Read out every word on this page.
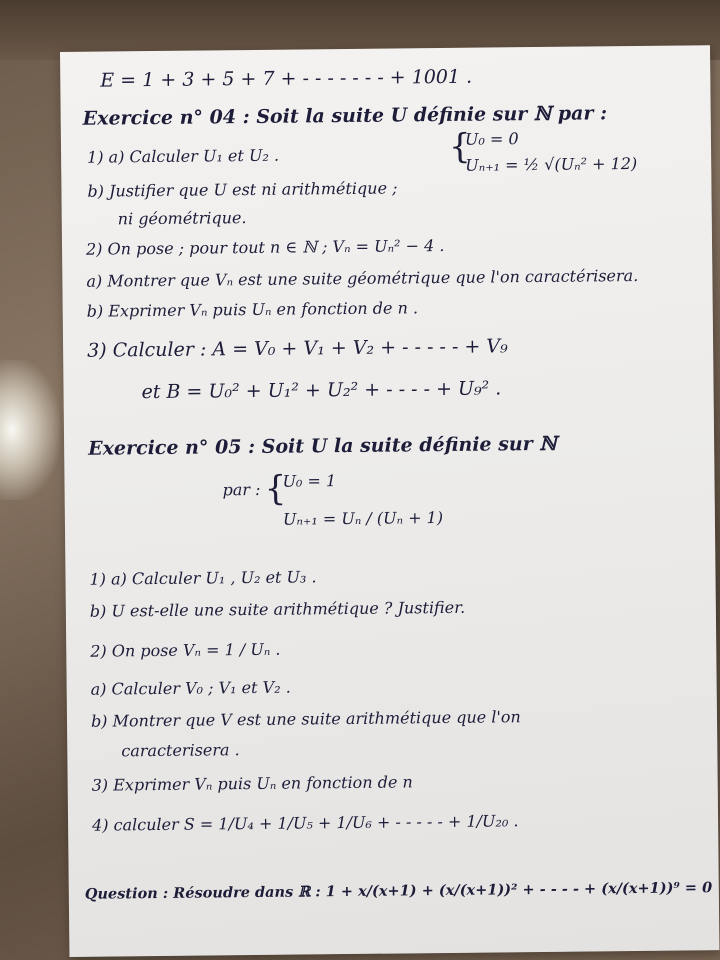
E = 1 + 3 + 5 + 7 + - - - - - - - + 1001 .
Exercice n° 04 : Soit la suite U définie sur ℕ par :
1) a) Calculer U₁ et U₂ .	{
U₀ = 0
Uₙ₊₁ = ½ √(Uₙ² + 12)
b) Justifier que U est ni arithmétique ;
ni géométrique.
2) On pose ; pour tout n ∈ ℕ ; Vₙ = Uₙ² − 4 .
a) Montrer que Vₙ est une suite géométrique que l'on caractérisera.
b) Exprimer Vₙ puis Uₙ en fonction de n .
3) Calculer : A = V₀ + V₁ + V₂ + - - - - - + V₉
et B = U₀² + U₁² + U₂² + - - - - + U₉² .
Exercice n° 05 : Soit U la suite définie sur ℕ
par : {
U₀ = 1
Uₙ₊₁ = Uₙ / (Uₙ + 1)
1) a) Calculer U₁ , U₂ et U₃ .
b) U est-elle une suite arithmétique ? Justifier.
2) On pose Vₙ = 1 / Uₙ .
a) Calculer V₀ ; V₁ et V₂ .
b) Montrer que V est une suite arithmétique que l'on
caracterisera .
3) Exprimer Vₙ puis Uₙ en fonction de n
4) calculer S = 1/U₄ + 1/U₅ + 1/U₆ + - - - - - + 1/U₂₀ .
Question : Résoudre dans ℝ : 1 + x/(x+1) + (x/(x+1))² + - - - - + (x/(x+1))⁹ = 0
